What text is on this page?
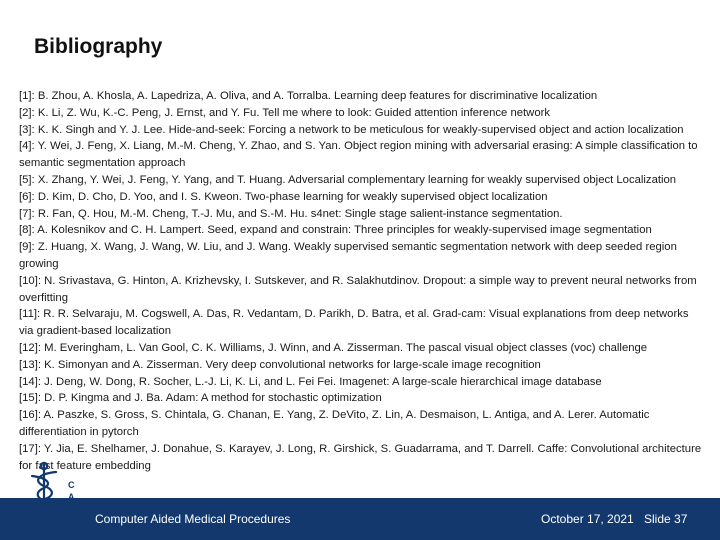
Bibliography
[1]: B. Zhou, A. Khosla, A. Lapedriza, A. Oliva, and A. Torralba. Learning deep features for discriminative localization
[2]: K. Li, Z. Wu, K.-C. Peng, J. Ernst, and Y. Fu. Tell me where to look: Guided attention inference network
[3]: K. K. Singh and Y. J. Lee. Hide-and-seek: Forcing a network to be meticulous for weakly-supervised object and action localization
[4]: Y. Wei, J. Feng, X. Liang, M.-M. Cheng, Y. Zhao, and S. Yan. Object region mining with adversarial erasing: A simple classification to semantic segmentation approach
[5]: X. Zhang, Y. Wei, J. Feng, Y. Yang, and T. Huang. Adversarial complementary learning for weakly supervised object Localization
[6]: D. Kim, D. Cho, D. Yoo, and I. S. Kweon. Two-phase learning for weakly supervised object localization
[7]: R. Fan, Q. Hou, M.-M. Cheng, T.-J. Mu, and S.-M. Hu. s4net: Single stage salient-instance segmentation.
[8]: A. Kolesnikov and C. H. Lampert. Seed, expand and constrain: Three principles for weakly-supervised image segmentation
[9]: Z. Huang, X. Wang, J. Wang, W. Liu, and J. Wang. Weakly supervised semantic segmentation network with deep seeded region growing
[10]: N. Srivastava, G. Hinton, A. Krizhevsky, I. Sutskever, and R. Salakhutdinov. Dropout: a simple way to prevent neural networks from overfitting
[11]: R. R. Selvaraju, M. Cogswell, A. Das, R. Vedantam, D. Parikh, D. Batra, et al. Grad-cam: Visual explanations from deep networks via gradient-based localization
[12]: M. Everingham, L. Van Gool, C. K. Williams, J. Winn, and A. Zisserman. The pascal visual object classes (voc) challenge
[13]: K. Simonyan and A. Zisserman. Very deep convolutional networks for large-scale image recognition
[14]: J. Deng, W. Dong, R. Socher, L.-J. Li, K. Li, and L. Fei Fei. Imagenet: A large-scale hierarchical image database
[15]: D. P. Kingma and J. Ba. Adam: A method for stochastic optimization
[16]: A. Paszke, S. Gross, S. Chintala, G. Chanan, E. Yang, Z. DeVito, Z. Lin, A. Desmaison, L. Antiga, and A. Lerer. Automatic differentiation in pytorch
[17]: Y. Jia, E. Shelhamer, J. Donahue, S. Karayev, J. Long, R. Girshick, S. Guadarrama, and T. Darrell. Caffe: Convolutional architecture for fast feature embedding
C
A
M
P Computer Aided Medical Procedures	October 17, 2021 Slide 37
